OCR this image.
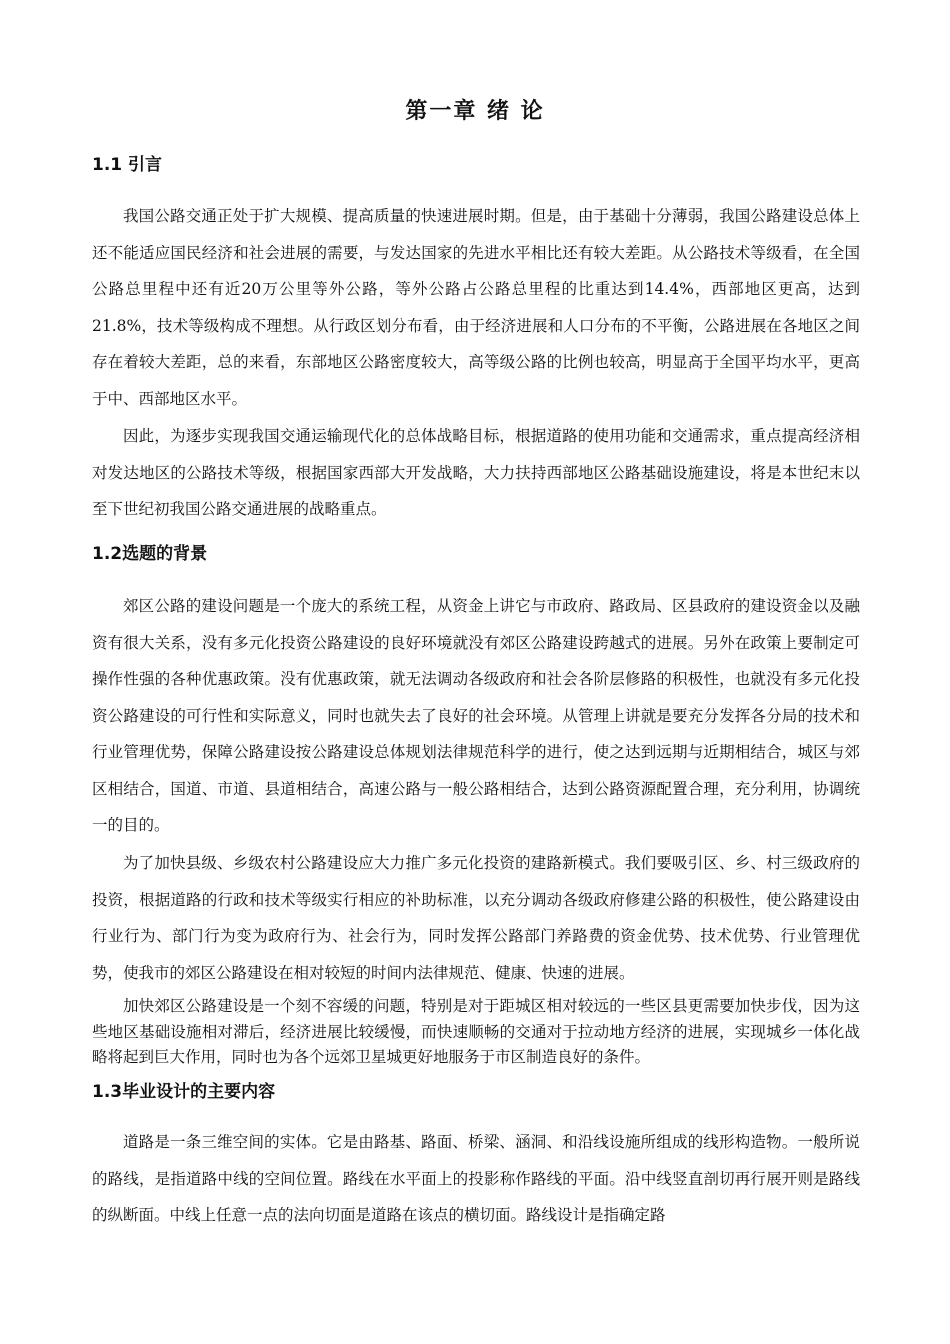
第一章 绪 论
1.1 引言

我国公路交通正处于扩大规模、提高质量的快速进展时期。但是，由于基础十分薄弱，我国公路建设总体上还不能适应国民经济和社会进展的需要，与发达国家的先进水平相比还有较大差距。从公路技术等级看，在全国公路总里程中还有近20万公里等外公路，等外公路占公路总里程的比重达到14.4%，西部地区更高，达到21.8%，技术等级构成不理想。从行政区划分布看，由于经济进展和人口分布的不平衡，公路进展在各地区之间存在着较大差距，总的来看，东部地区公路密度较大，高等级公路的比例也较高，明显高于全国平均水平，更高于中、西部地区水平。

因此，为逐步实现我国交通运输现代化的总体战略目标，根据道路的使用功能和交通需求，重点提高经济相对发达地区的公路技术等级，根据国家西部大开发战略，大力扶持西部地区公路基础设施建设，将是本世纪末以至下世纪初我国公路交通进展的战略重点。

1.2选题的背景

郊区公路的建设问题是一个庞大的系统工程，从资金上讲它与市政府、路政局、区县政府的建设资金以及融资有很大关系，没有多元化投资公路建设的良好环境就没有郊区公路建设跨越式的进展。另外在政策上要制定可操作性强的各种优惠政策。没有优惠政策，就无法调动各级政府和社会各阶层修路的积极性，也就没有多元化投资公路建设的可行性和实际意义，同时也就失去了良好的社会环境。从管理上讲就是要充分发挥各分局的技术和行业管理优势，保障公路建设按公路建设总体规划法律规范科学的进行，使之达到远期与近期相结合，城区与郊区相结合，国道、市道、县道相结合，高速公路与一般公路相结合，达到公路资源配置合理，充分利用，协调统一的目的。

为了加快县级、乡级农村公路建设应大力推广多元化投资的建路新模式。我们要吸引区、乡、村三级政府的投资，根据道路的行政和技术等级实行相应的补助标准，以充分调动各级政府修建公路的积极性，使公路建设由行业行为、部门行为变为政府行为、社会行为，同时发挥公路部门养路费的资金优势、技术优势、行业管理优势，使我市的郊区公路建设在相对较短的时间内法律规范、健康、快速的进展。

加快郊区公路建设是一个刻不容缓的问题，特别是对于距城区相对较远的一些区县更需要加快步伐，因为这些地区基础设施相对滞后，经济进展比较缓慢，而快速顺畅的交通对于拉动地方经济的进展，实现城乡一体化战略将起到巨大作用，同时也为各个远郊卫星城更好地服务于市区制造良好的条件。

1.3毕业设计的主要内容

道路是一条三维空间的实体。它是由路基、路面、桥梁、涵洞、和沿线设施所组成的线形构造物。一般所说的路线，是指道路中线的空间位置。路线在水平面上的投影称作路线的平面。沿中线竖直剖切再行展开则是路线的纵断面。中线上任意一点的法向切面是道路在该点的横切面。路线设计是指确定路
